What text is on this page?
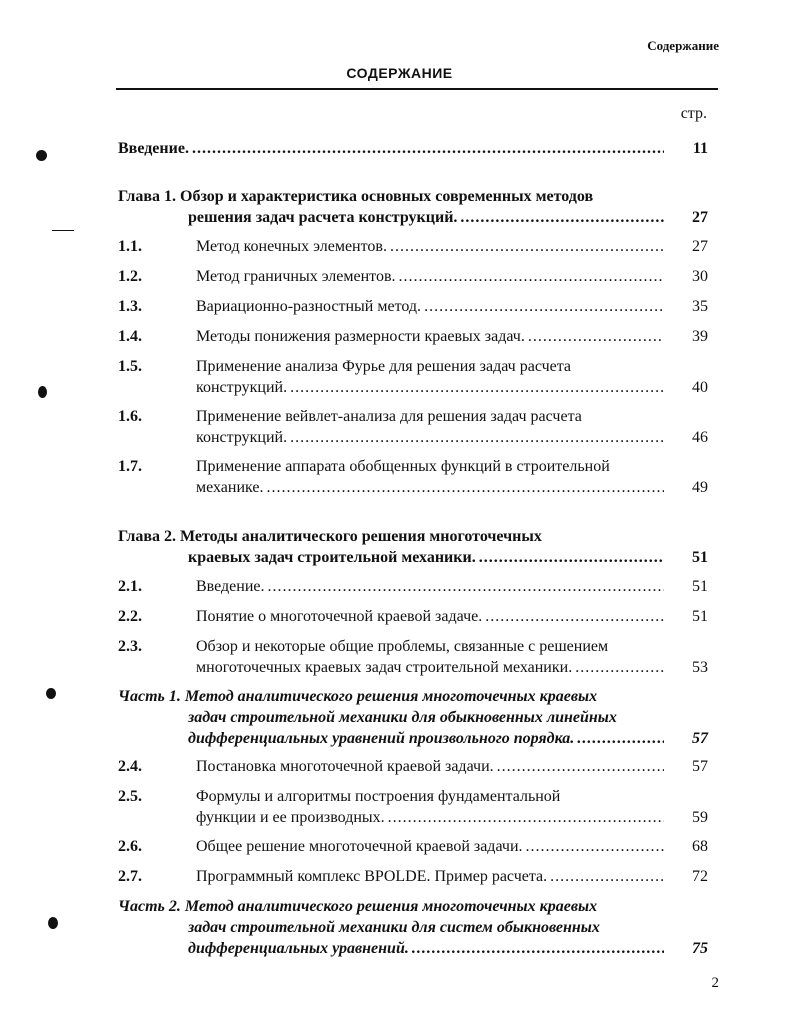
Содержание
СОДЕРЖАНИЕ
стр.
Введение. .....	11
Глава 1. Обзор и характеристика основных современных методов
решения задач расчета конструкций. .....	27
1.1.	Метод конечных элементов. .....	27
1.2.	Метод граничных элементов. .....	30
1.3.	Вариационно-разностный метод. .....	35
1.4.	Методы понижения размерности краевых задач. .....	39
1.5.	Применение анализа Фурье для решения задач расчета
конструкций. .....	40
1.6.	Применение вейвлет-анализа для решения задач расчета
конструкций. .....	46
1.7.	Применение аппарата обобщенных функций в строительной
механике. .....	49
Глава 2. Методы аналитического решения многоточечных
краевых задач строительной механики. .....	51
2.1.	Введение. .....	51
2.2.	Понятие о многоточечной краевой задаче. .....	51
2.3.	Обзор и некоторые общие проблемы, связанные с решением
многоточечных краевых задач строительной механики. .....	53
Часть 1. Метод аналитического решения многоточечных краевых
задач строительной механики для обыкновенных линейных
дифференциальных уравнений произвольного порядка. .....	57
2.4.	Постановка многоточечной краевой задачи. .....	57
2.5.	Формулы и алгоритмы построения фундаментальной
функции и ее производных. .....	59
2.6.	Общее решение многоточечной краевой задачи. .....	68
2.7.	Программный комплекс BPOLDE. Пример расчета. .....	72
Часть 2. Метод аналитического решения многоточечных краевых
задач строительной механики для систем обыкновенных
дифференциальных уравнений. .....	75
2
